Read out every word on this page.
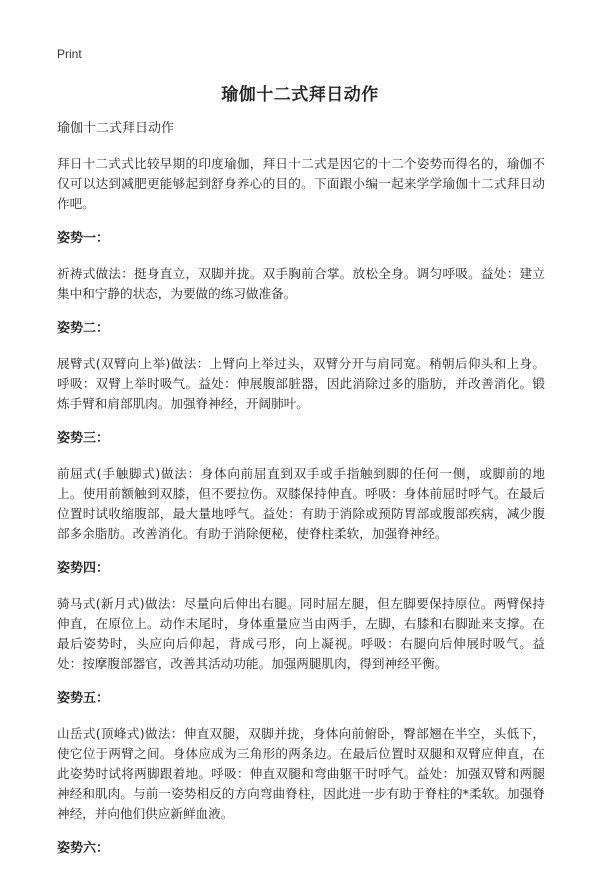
Print
瑜伽十二式拜日动作

瑜伽十二式拜日动作

拜日十二式式比较早期的印度瑜伽，拜日十二式是因它的十二个姿势而得名的，瑜伽不仅可以达到减肥更能够起到舒身养心的目的。下面跟小编一起来学学瑜伽十二式拜日动作吧。

姿势一：

祈祷式做法：挺身直立，双脚并拢。双手胸前合掌。放松全身。调匀呼吸。益处：建立集中和宁静的状态，为要做的练习做准备。

姿势二：

展臂式(双臂向上举)做法：上臂向上举过头，双臂分开与肩同宽。稍朝后仰头和上身。呼吸：双臂上举时吸气。益处：伸展腹部脏器，因此消除过多的脂肪，并改善消化。锻炼手臂和肩部肌肉。加强脊神经，开阔肺叶。

姿势三：

前屈式(手触脚式)做法：身体向前屈直到双手或手指触到脚的任何一侧，或脚前的地上。使用前额触到双膝，但不要拉伤。双膝保持伸直。呼吸：身体前屈时呼气。在最后位置时试收缩腹部，最大量地呼气。益处：有助于消除或预防胃部或腹部疾病，减少腹部多余脂肪。改善消化。有助于消除便秘，使脊柱柔软，加强脊神经。

姿势四：

骑马式(新月式)做法：尽量向后伸出右腿。同时屈左腿，但左脚要保持原位。两臂保持伸直，在原位上。动作末尾时，身体重量应当由两手，左脚，右膝和右脚趾来支撑。在最后姿势时，头应向后仰起，背成弓形，向上凝视。呼吸：右腿向后伸展时吸气。益处：按摩腹部器官，改善其活动功能。加强两腿肌肉，得到神经平衡。

姿势五：

山岳式(顶峰式)做法：伸直双腿，双脚并拢，身体向前俯卧，臀部翘在半空，头低下，使它位于两臂之间。身体应成为三角形的两条边。在最后位置时双腿和双臂应伸直，在此姿势时试将两脚跟着地。呼吸：伸直双腿和弯曲躯干时呼气。益处：加强双臂和两腿神经和肌肉。与前一姿势相反的方向弯曲脊柱，因此进一步有助于脊柱的*柔软。加强脊神经，并向他们供应新鲜血液。

姿势六：
